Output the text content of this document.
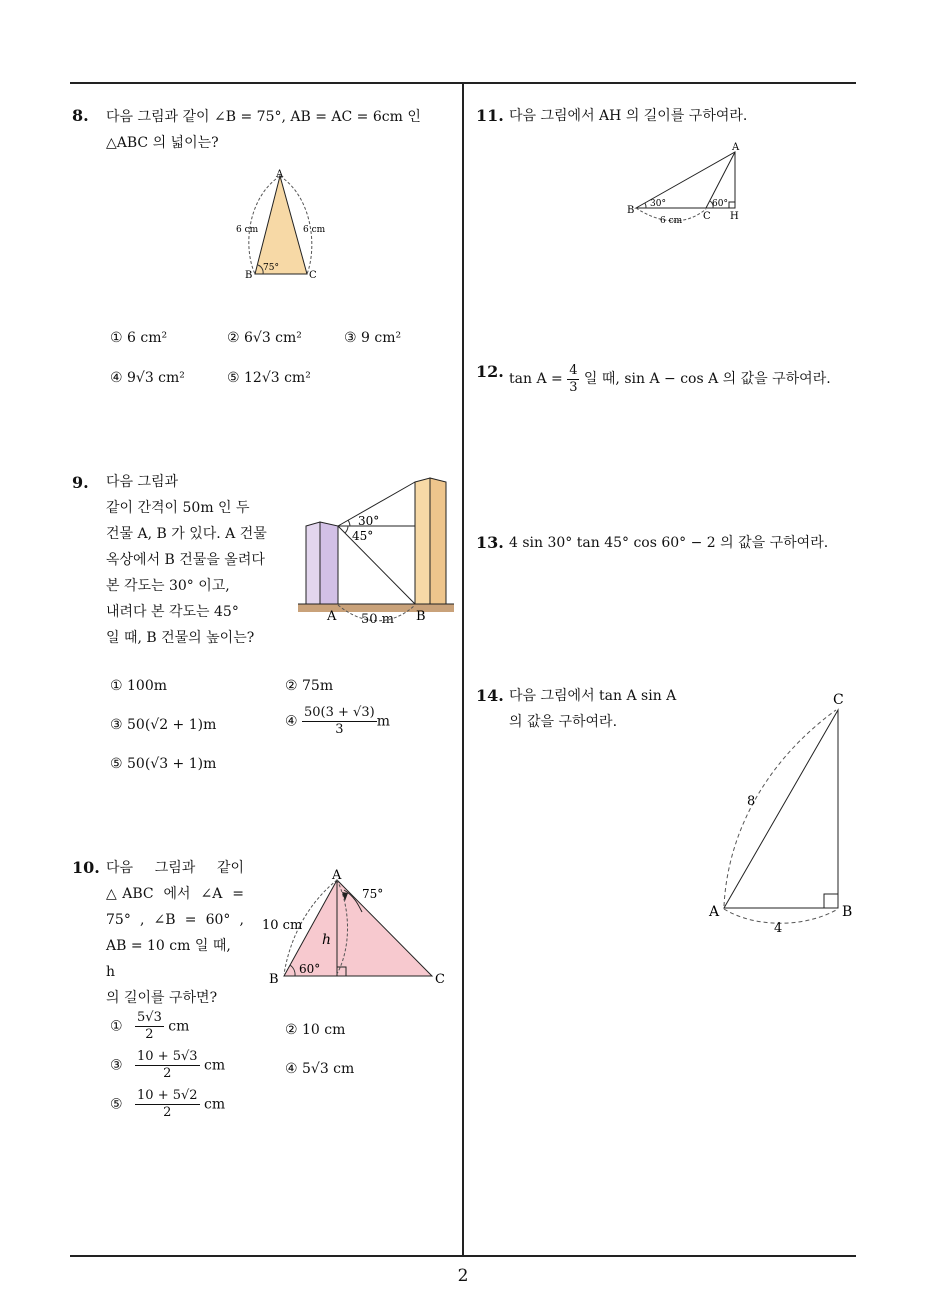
8. 다음 그림과 같이 ∠B = 75°, AB = AC = 6cm 인
△ABC 의 넓이는?
A
B	C
6 cm	6 cm
75°
① 6 cm²	② 6√3 cm²	③ 9 cm²
④ 9√3 cm²	⑤ 12√3 cm²
9. 다음 그림과
같이 간격이 50m 인 두
건물 A, B 가 있다. A 건물
옥상에서 B 건물을 올려다
본 각도는 30° 이고,
내려다 본 각도는 45°
일 때, B 건물의 높이는?
30°
45°
A	B
50 m
① 100m	② 75m
③ 50(√2 + 1)m	④ $\frac{50(3 + √3)}{3}$ m
⑤ 50(√3 + 1)m
10. 다음 그림과 같이
△ABC 에서 ∠A =
75° , ∠B = 60° ,
AB = 10 cm 일 때, h
의 길이를 구하면?
A
B	C
10 cm
h
75°
60°
① $\frac{5√3}{2}$ cm	② 10 cm
③ $\frac{10 + 5√3}{2}$ cm	④ 5√3 cm
⑤ $\frac{10 + 5√2}{2}$ cm
11. 다음 그림에서 AH 의 길이를 구하여라.
A
B
C H
30°	60°
6 cm
12. $\tan A = \frac{4}{3}$ 일 때, sin A − cos A 의 값을 구하여라.
13. 4 sin 30° tan 45° cos 60° − 2 의 값을 구하여라.
14. 다음 그림에서 tan A sin A
의 값을 구하여라.
C
A	B
8
4
2
